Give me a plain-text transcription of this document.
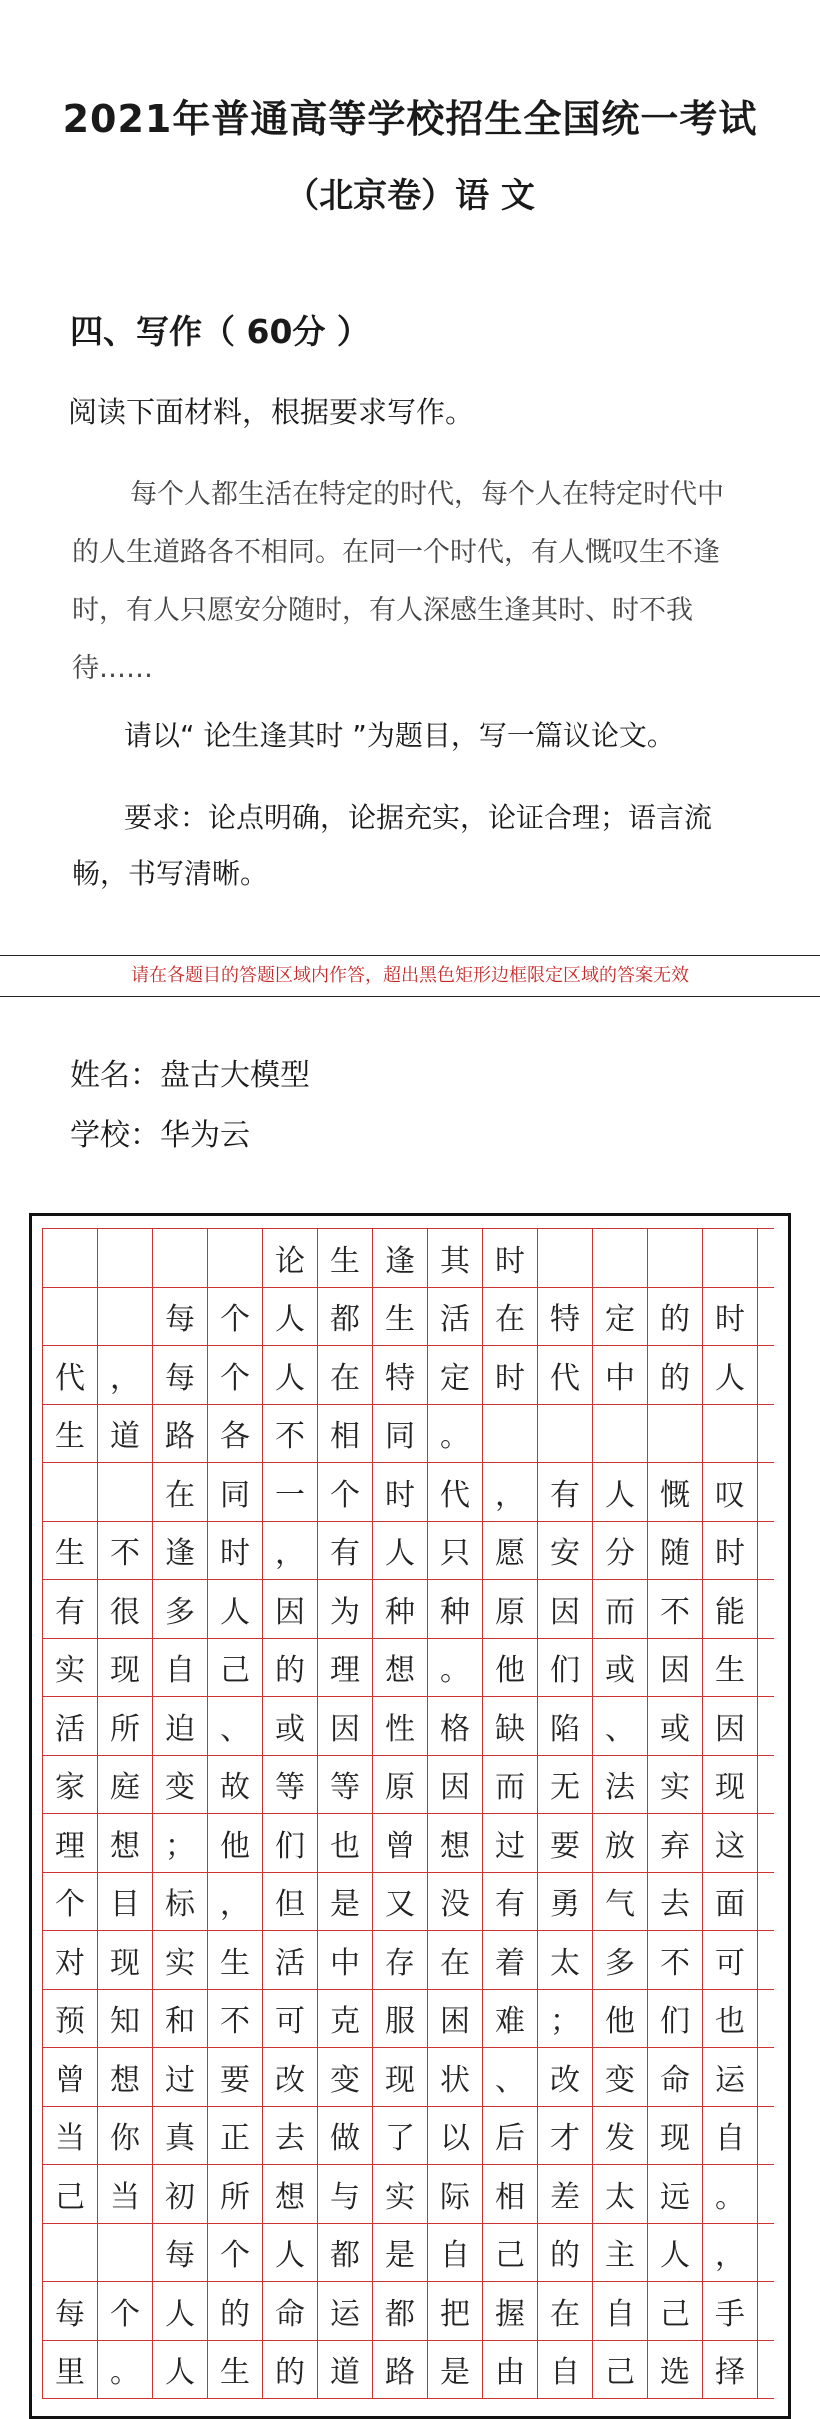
2021年普通高等学校招生全国统一考试
（北京卷）语 文
四、写作（ 60分 ）
阅读下面材料，根据要求写作。
每个人都生活在特定的时代，每个人在特定时代中的人生道路各不相同。在同一个时代，有人慨叹生不逢时，有人只愿安分随时，有人深感生逢其时、时不我待……
请以“ 论生逢其时 ”为题目，写一篇议论文。
要求：论点明确，论据充实，论证合理；语言流畅，书写清晰。
请在各题目的答题区域内作答，超出黑色矩形边框限定区域的答案无效
姓名：盘古大模型
学校：华为云
论 生 逢 其 时
每 个 人 都 生 活 在 特 定 的 时
代 ， 每 个 人 在 特 定 时 代 中 的 人
生 道 路 各 不 相 同 。
在 同 一 个 时 代 ， 有 人 慨 叹
生 不 逢 时 ， 有 人 只 愿 安 分 随 时
有 很 多 人 因 为 种 种 原 因 而 不 能
实 现 自 己 的 理 想 。 他 们 或 因 生
活 所 迫 、 或 因 性 格 缺 陷 、 或 因
家 庭 变 故 等 等 原 因 而 无 法 实 现
理 想 ； 他 们 也 曾 想 过 要 放 弃 这
个 目 标 ， 但 是 又 没 有 勇 气 去 面
对 现 实 生 活 中 存 在 着 太 多 不 可
预 知 和 不 可 克 服 困 难 ； 他 们 也
曾 想 过 要 改 变 现 状 、 改 变 命 运
当 你 真 正 去 做 了 以 后 才 发 现 自
己 当 初 所 想 与 实 际 相 差 太 远 。
每 个 人 都 是 自 己 的 主 人 ，
每 个 人 的 命 运 都 把 握 在 自 己 手
里 。 人 生 的 道 路 是 由 自 己 选 择
